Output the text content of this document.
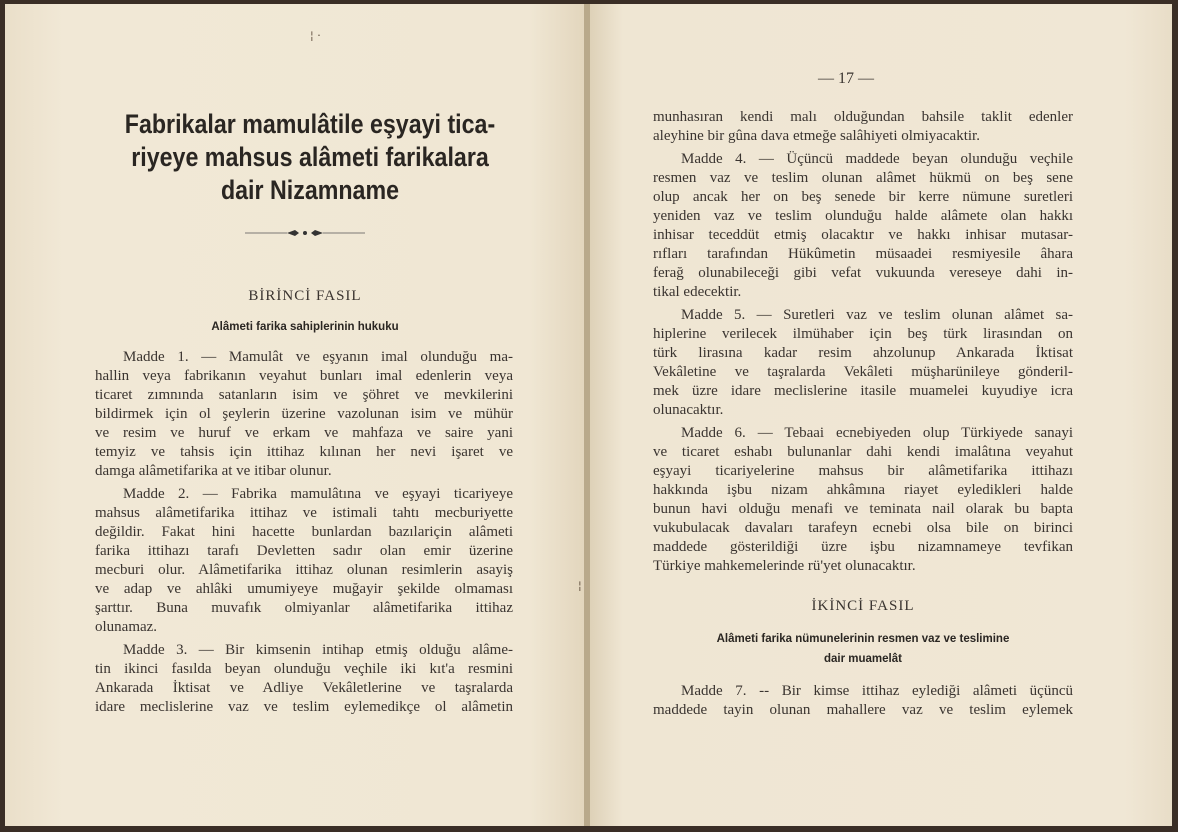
Fabrikalar mamulâtile eşyayi tica-
riyeye mahsus alâmeti farikalara
dair Nizamname
BİRİNCİ FASIL
Alâmeti farika sahiplerinin hukuku
Madde 1. — Mamulât ve eşyanın imal olunduğu ma-
hallin veya fabrikanın veyahut bunları imal edenlerin veya
ticaret zımnında satanların isim ve şöhret ve mevkilerini
bildirmek için ol şeylerin üzerine vazolunan isim ve mühür
ve resim ve huruf ve erkam ve mahfaza ve saire yani
temyiz ve tahsis için ittihaz kılınan her nevi işaret ve
damga alâmetifarika at ve itibar olunur.
Madde 2. — Fabrika mamulâtına ve eşyayi ticariyeye
mahsus alâmetifarika ittihaz ve istimali tahtı mecburiyette
değildir. Fakat hini hacette bunlardan bazılariçin alâmeti
farika ittihazı tarafı Devletten sadır olan emir üzerine
mecburi olur. Alâmetifarika ittihaz olunan resimlerin asayiş
ve adap ve ahlâki umumiyeye muğayir şekilde olmaması
şarttır. Buna muvafık olmiyanlar alâmetifarika ittihaz
olunamaz.
Madde 3. — Bir kimsenin intihap etmiş olduğu alâme-
tin ikinci fasılda beyan olunduğu veçhile iki kıt'a resmini
Ankarada İktisat ve Adliye Vekâletlerine ve taşralarda
idare meclislerine vaz ve teslim eylemedikçe ol alâmetin
— 17 —
munhasıran kendi malı olduğundan bahsile taklit edenler
aleyhine bir gûna dava etmeğe salâhiyeti olmiyacaktir.
Madde 4. — Üçüncü maddede beyan olunduğu veçhile
resmen vaz ve teslim olunan alâmet hükmü on beş sene
olup ancak her on beş senede bir kerre nümune suretleri
yeniden vaz ve teslim olunduğu halde alâmete olan hakkı
inhisar teceddüt etmiş olacaktır ve hakkı inhisar mutasar-
rıfları tarafından Hükûmetin müsaadei resmiyesile âhara
ferağ olunabileceği gibi vefat vukuunda vereseye dahi in-
tikal edecektir.
Madde 5. — Suretleri vaz ve teslim olunan alâmet sa-
hiplerine verilecek ilmühaber için beş türk lirasından on
türk lirasına kadar resim ahzolunup Ankarada İktisat
Vekâletine ve taşralarda Vekâleti müşharünileye gönderil-
mek üzre idare meclislerine itasile muamelei kuyudiye icra
olunacaktır.
Madde 6. — Tebaai ecnebiyeden olup Türkiyede sanayi
ve ticaret eshabı bulunanlar dahi kendi imalâtına veyahut
eşyayi ticariyelerine mahsus bir alâmetifarika ittihazı
hakkında işbu nizam ahkâmına riayet eyledikleri halde
bunun havi olduğu menafi ve teminata nail olarak bu bapta
vukubulacak davaları tarafeyn ecnebi olsa bile on birinci
maddede gösterildiği üzre işbu nizamnameye tevfikan
Türkiye mahkemelerinde rü'yet olunacaktır.
İKİNCİ FASIL
Alâmeti farika nümunelerinin resmen vaz ve teslimine
dair muamelât
Madde 7. -- Bir kimse ittihaz eylediği alâmeti üçüncü
maddede tayin olunan mahallere vaz ve teslim eylemek
¦ ·
¦
